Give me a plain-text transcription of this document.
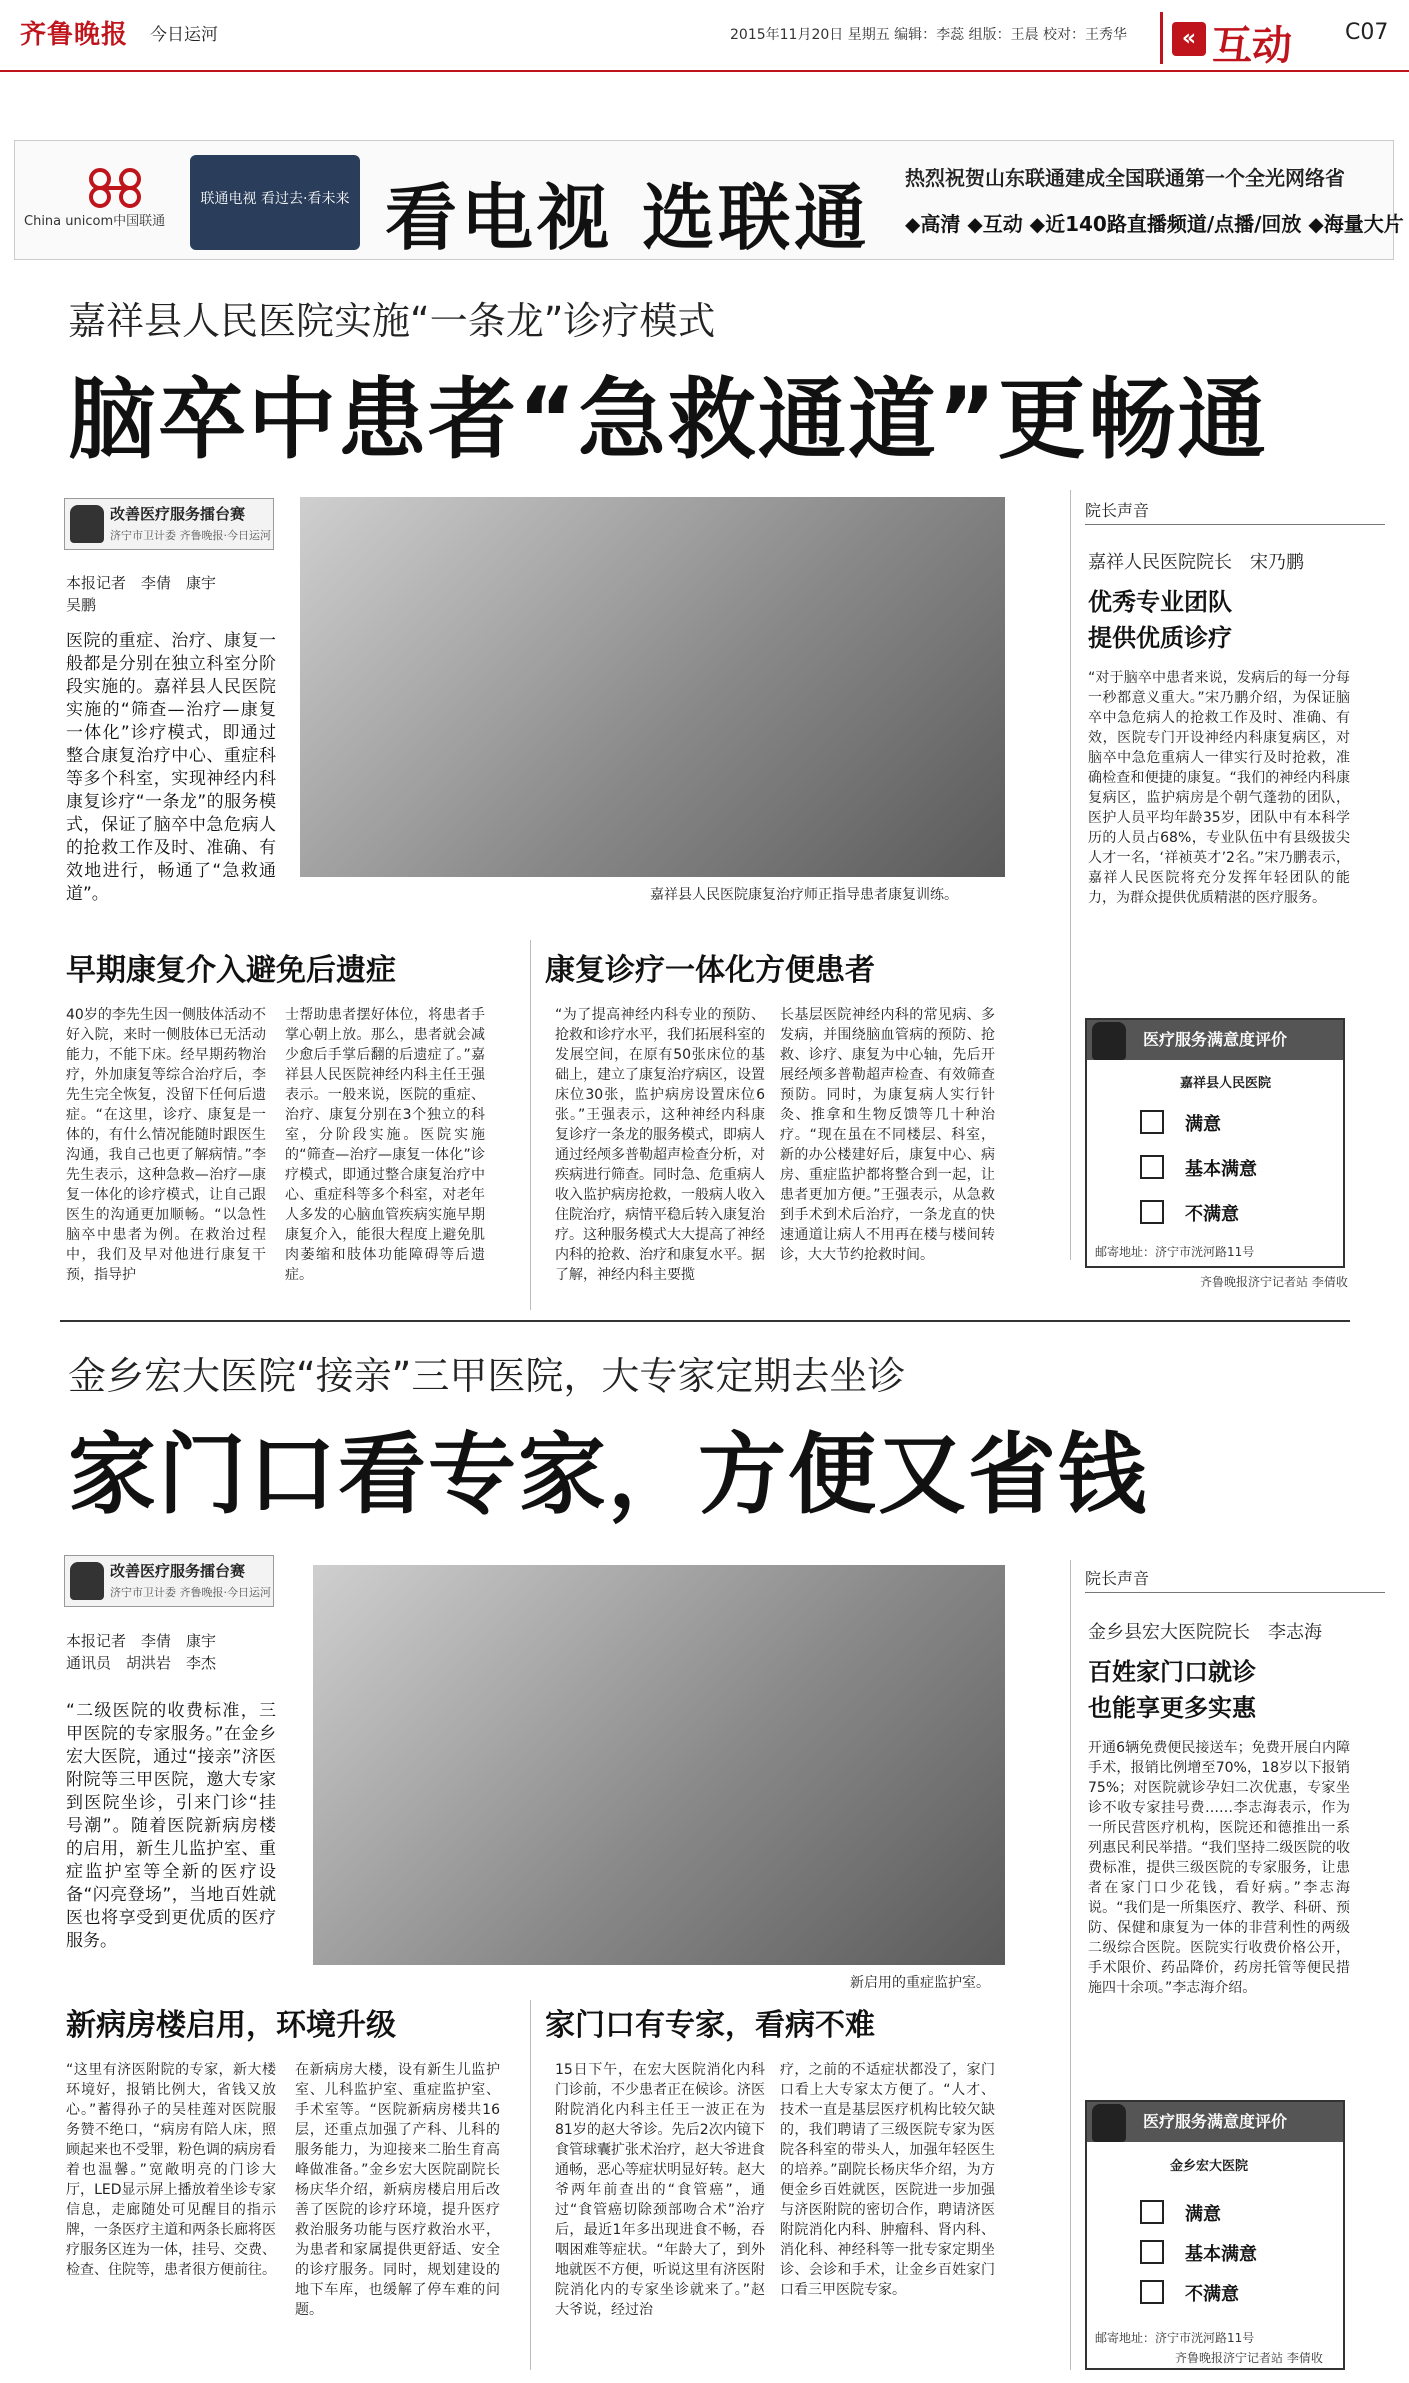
齐鲁晚报 今日运河	2015年11月20日 星期五 编辑：李蕊 组版：王晨 校对：王秀华	« 互动 C07
China unicom中国联通
联通电视 看过去·看未来 看电视 选联通 热烈祝贺山东联通建成全国联通第一个全光网络省
◆高清 ◆互动 ◆近140路直播频道/点播/回放 ◆海量大片
嘉祥县人民医院实施“一条龙”诊疗模式
脑卒中患者“急救通道”更畅通
改善医疗服务擂台赛
济宁市卫计委 齐鲁晚报·今日运河
本报记者　李倩　康宇
吴鹏
医院的重症、治疗、康复一般都是分别在独立科室分阶段实施的。嘉祥县人民医院实施的“筛查—治疗—康复一体化”诊疗模式，即通过整合康复治疗中心、重症科等多个科室，实现神经内科康复诊疗“一条龙”的服务模式，保证了脑卒中急危病人的抢救工作及时、准确、有效地进行，畅通了“急救通道”。	嘉祥县人民医院康复治疗师正指导患者康复训练。
早期康复介入避免后遗症
40岁的李先生因一侧肢体活动不好入院，来时一侧肢体已无活动能力，不能下床。经早期药物治疗，外加康复等综合治疗后，李先生完全恢复，没留下任何后遗症。“在这里，诊疗、康复是一体的，有什么情况能随时跟医生沟通，我自己也更了解病情。”李先生表示，这种急救—治疗—康复一体化的诊疗模式，让自己跟医生的沟通更加顺畅。“以急性脑卒中患者为例。在救治过程中，我们及早对他进行康复干预，指导护
士帮助患者摆好体位，将患者手掌心朝上放。那么，患者就会减少愈后手掌后翻的后遗症了。”嘉祥县人民医院神经内科主任王强表示。一般来说，医院的重症、治疗、康复分别在3个独立的科室，分阶段实施。医院实施的“筛查—治疗—康复一体化”诊疗模式，即通过整合康复治疗中心、重症科等多个科室，对老年人多发的心脑血管疾病实施早期康复介入，能很大程度上避免肌肉萎缩和肢体功能障碍等后遗症。
康复诊疗一体化方便患者
“为了提高神经内科专业的预防、抢救和诊疗水平，我们拓展科室的发展空间，在原有50张床位的基础上，建立了康复治疗病区，设置床位30张，监护病房设置床位6张。”王强表示，这种神经内科康复诊疗一条龙的服务模式，即病人通过经颅多普勒超声检查分析，对疾病进行筛查。同时急、危重病人收入监护病房抢救，一般病人收入住院治疗，病情平稳后转入康复治疗。这种服务模式大大提高了神经内科的抢救、治疗和康复水平。据了解，神经内科主要揽
长基层医院神经内科的常见病、多发病，并围绕脑血管病的预防、抢救、诊疗、康复为中心轴，先后开展经颅多普勒超声检查、有效筛查预防。同时，为康复病人实行针灸、推拿和生物反馈等几十种治疗。“现在虽在不同楼层、科室，新的办公楼建好后，康复中心、病房、重症监护都将整合到一起，让患者更加方便。”王强表示，从急救到手术到术后治疗，一条龙直的快速通道让病人不用再在楼与楼间转诊，大大节约抢救时间。
院长声音
嘉祥人民医院院长　宋乃鹏
优秀专业团队
提供优质诊疗
“对于脑卒中患者来说，发病后的每一分每一秒都意义重大。”宋乃鹏介绍，为保证脑卒中急危病人的抢救工作及时、准确、有效，医院专门开设神经内科康复病区，对脑卒中急危重病人一律实行及时抢救，准确检查和便捷的康复。“我们的神经内科康复病区，监护病房是个朝气蓬勃的团队，医护人员平均年龄35岁，团队中有本科学历的人员占68%，专业队伍中有县级拔尖人才一名，‘祥祯英才’2名。”宋乃鹏表示，嘉祥人民医院将充分发挥年轻团队的能力，为群众提供优质精湛的医疗服务。
医疗服务满意度评价
嘉祥县人民医院
满意
基本满意
不满意
邮寄地址：济宁市洸河路11号
齐鲁晚报济宁记者站 李倩收
金乡宏大医院“接亲”三甲医院，大专家定期去坐诊
家门口看专家，方便又省钱
改善医疗服务擂台赛
济宁市卫计委 齐鲁晚报·今日运河
本报记者　李倩　康宇
通讯员　胡洪岩　李杰
“二级医院的收费标准，三甲医院的专家服务。”在金乡宏大医院，通过“接亲”济医附院等三甲医院，邀大专家到医院坐诊，引来门诊“挂号潮”。随着医院新病房楼的启用，新生儿监护室、重症监护室等全新的医疗设备“闪亮登场”，当地百姓就医也将享受到更优质的医疗服务。
新启用的重症监护室。
新病房楼启用，环境升级
“这里有济医附院的专家，新大楼环境好，报销比例大，省钱又放心。”蓄得孙子的吴桂莲对医院服务赞不绝口，“病房有陪人床，照顾起来也不受罪，粉色调的病房看着也温馨。”宽敞明亮的门诊大厅，LED显示屏上播放着坐诊专家信息，走廊随处可见醒目的指示牌，一条医疗主道和两条长廊将医疗服务区连为一体，挂号、交费、检查、住院等，患者很方便前往。
在新病房大楼，设有新生儿监护室、儿科监护室、重症监护室、手术室等。“医院新病房楼共16层，还重点加强了产科、儿科的服务能力，为迎接来二胎生育高峰做准备。”金乡宏大医院副院长杨庆华介绍，新病房楼启用后改善了医院的诊疗环境，提升医疗救治服务功能与医疗救治水平，为患者和家属提供更舒适、安全的诊疗服务。同时，规划建设的地下车库，也缓解了停车难的问题。
家门口有专家，看病不难
15日下午，在宏大医院消化内科门诊前，不少患者正在候诊。济医附院消化内科主任王一波正在为81岁的赵大爷诊。先后2次内镜下食管球囊扩张术治疗，赵大爷进食通畅，恶心等症状明显好转。赵大爷两年前查出的“食管癌”，通过“食管癌切除颈部吻合术”治疗后，最近1年多出现进食不畅，吞咽困难等症状。“年龄大了，到外地就医不方便，听说这里有济医附院消化内的专家坐诊就来了。”赵大爷说，经过治
疗，之前的不适症状都没了，家门口看上大专家太方便了。“人才、技术一直是基层医疗机构比较欠缺的，我们聘请了三级医院专家为医院各科室的带头人，加强年轻医生的培养。”副院长杨庆华介绍，为方便金乡百姓就医，医院进一步加强与济医附院的密切合作，聘请济医附院消化内科、肿瘤科、肾内科、消化科、神经科等一批专家定期坐诊、会诊和手术，让金乡百姓家门口看三甲医院专家。
院长声音
金乡县宏大医院院长　李志海
百姓家门口就诊
也能享更多实惠
开通6辆免费便民接送车；免费开展白内障手术，报销比例增至70%，18岁以下报销75%；对医院就诊孕妇二次优惠，专家坐诊不收专家挂号费……李志海表示，作为一所民营医疗机构，医院还和德推出一系列惠民利民举措。“我们坚持二级医院的收费标准，提供三级医院的专家服务，让患者在家门口少花钱，看好病。”李志海说。“我们是一所集医疗、教学、科研、预防、保健和康复为一体的非营利性的两级二级综合医院。医院实行收费价格公开，手术限价、药品降价，药房托管等便民措施四十余项。”李志海介绍。
医疗服务满意度评价
金乡宏大医院
满意
基本满意
不满意
邮寄地址：济宁市洸河路11号
齐鲁晚报济宁记者站 李倩收
